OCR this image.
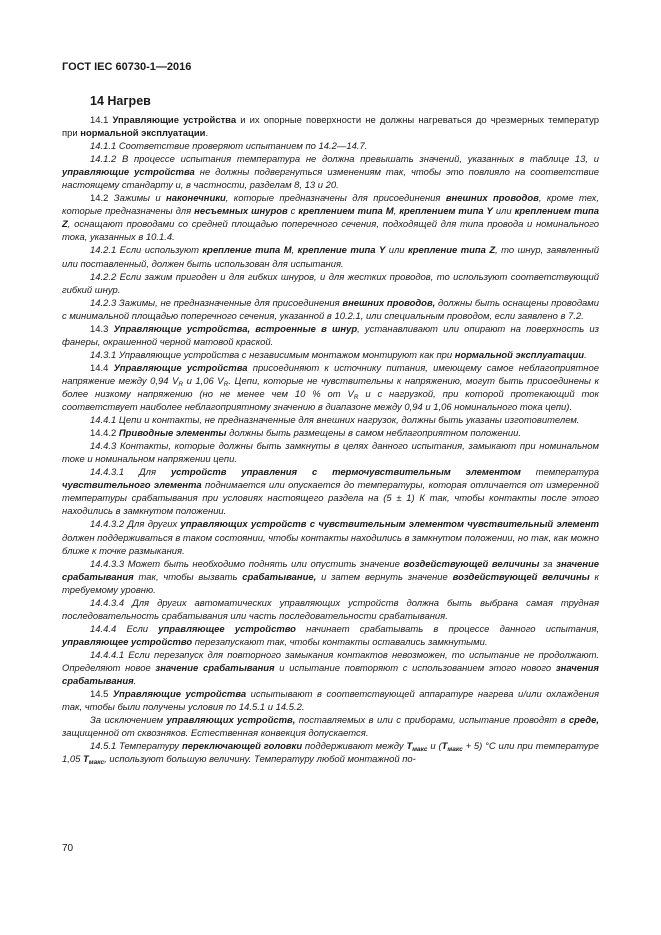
ГОСТ IEC 60730-1—2016
14 Нагрев

14.1 Управляющие устройства и их опорные поверхности не должны нагреваться до чрезмерных температур при нормальной эксплуатации.

14.1.1 Соответствие проверяют испытанием по 14.2—14.7.

14.1.2 В процессе испытания температура не должна превышать значений, указанных в таблице 13, и управляющие устройства не должны подвергнуться изменениям так, чтобы это повлияло на соответствие настоящему стандарту и, в частности, разделам 8, 13 и 20.

14.2 Зажимы и наконечники, которые предназначены для присоединения внешних проводов, кроме тех, которые предназначены для несъемных шнуров с креплением типа M, креплением типа Y или креплением типа Z, оснащают проводами со средней площадью поперечного сечения, подходящей для типа провода и номинального тока, указанных в 10.1.4.

14.2.1 Если используют крепление типа M, крепление типа Y или крепление типа Z, то шнур, заявленный или поставленный, должен быть использован для испытания.

14.2.2 Если зажим пригоден и для гибких шнуров, и для жестких проводов, то используют соответствующий гибкий шнур.

14.2.3 Зажимы, не предназначенные для присоединения внешних проводов, должны быть оснащены проводами с минимальной площадью поперечного сечения, указанной в 10.2.1, или специальным проводом, если заявлено в 7.2.

14.3 Управляющие устройства, встроенные в шнур, устанавливают или опирают на поверхность из фанеры, окрашенной черной матовой краской.

14.3.1 Управляющие устройства с независимым монтажом монтируют как при нормальной эксплуатации.

14.4 Управляющие устройства присоединяют к источнику питания, имеющему самое неблагоприятное напряжение между 0,94 $V_R$ и 1,06 $V_R$. Цепи, которые не чувствительны к напряжению, могут быть присоединены к более низкому напряжению (но не менее чем 10 % от $V_R$ и с нагрузкой, при которой протекающий ток соответствует наиболее неблагоприятному значению в диапазоне между 0,94 и 1,06 номинального тока цепи).

14.4.1 Цепи и контакты, не предназначенные для внешних нагрузок, должны быть указаны изготовителем.

14.4.2 Приводные элементы должны быть размещены в самом неблагоприятном положении.

14.4.3 Контакты, которые должны быть замкнуты в целях данного испытания, замыкают при номинальном токе и номинальном напряжении цепи.

14.4.3.1 Для устройств управления с термочувствительным элементом температура чувствительного элемента поднимается или опускается до температуры, которая отличается от измеренной температуры срабатывания при условиях настоящего раздела на (5 ± 1) К так, чтобы контакты после этого находились в замкнутом положении.

14.4.3.2 Для других управляющих устройств с чувствительным элементом чувствительный элемент должен поддерживаться в таком состоянии, чтобы контакты находились в замкнутом положении, но так, как можно ближе к точке размыкания.

14.4.3.3 Может быть необходимо поднять или опустить значение воздействующей величины за значение срабатывания так, чтобы вызвать срабатывание, и затем вернуть значение воздействующей величины к требуемому уровню.

14.4.3.4 Для других автоматических управляющих устройств должна быть выбрана самая трудная последовательность срабатывания или часть последовательности срабатывания.

14.4.4 Если управляющее устройство начинает срабатывать в процессе данного испытания, управляющее устройство перезапускают так, чтобы контакты оставались замкнутыми.

14.4.4.1 Если перезапуск для повторного замыкания контактов невозможен, то испытание не продолжают. Определяют новое значение срабатывания и испытание повторяют с использованием этого нового значения срабатывания.

14.5 Управляющие устройства испытывают в соответствующей аппаратуре нагрева и/или охлаждения так, чтобы были получены условия по 14.5.1 и 14.5.2.

За исключением управляющих устройств, поставляемых в или с приборами, испытание проводят в среде, защищенной от сквозняков. Естественная конвекция допускается.

14.5.1 Температуру переключающей головки поддерживают между $T_{макс}$ и $(T_{макс} + 5)$ °С или при температуре 1,05 $T_{макс}$, используют большую величину. Температуру любой монтажной по-

70
